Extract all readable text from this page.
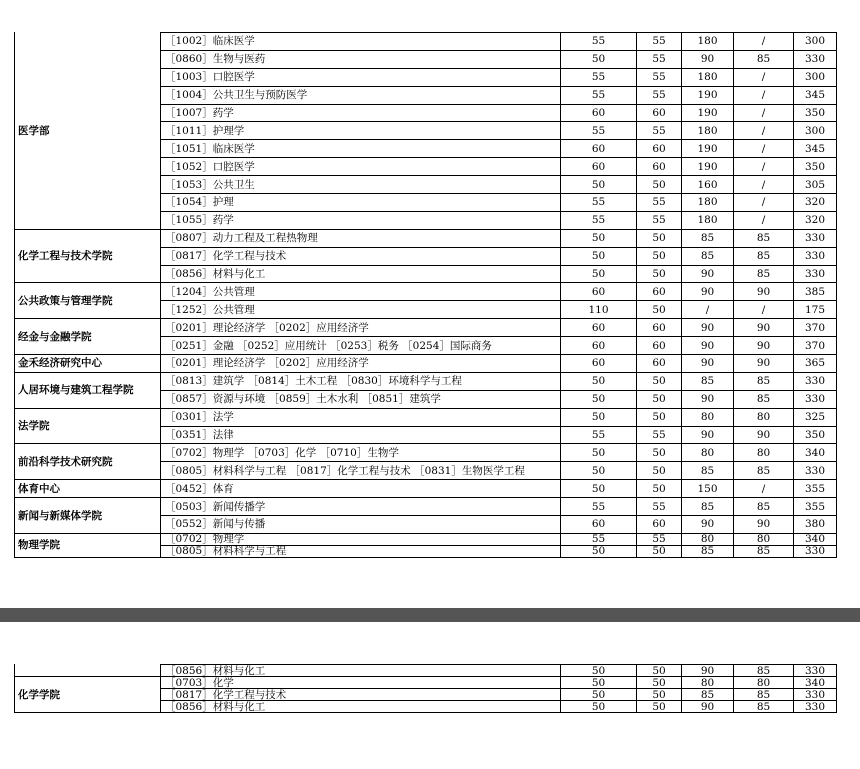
医学部	［1002］临床医学	55	55	180	/	300
	［0860］生物与医药	50	55	90	85	330
	［1003］口腔医学	55	55	180	/	300
	［1004］公共卫生与预防医学	55	55	190	/	345
	［1007］药学	60	60	190	/	350
	［1011］护理学	55	55	180	/	300
	［1051］临床医学	60	60	190	/	345
	［1052］口腔医学	60	60	190	/	350
	［1053］公共卫生	50	50	160	/	305
	［1054］护理	55	55	180	/	320
	［1055］药学	55	55	180	/	320
化学工程与技术学院	［0807］动力工程及工程热物理	50	50	85	85	330
	［0817］化学工程与技术	50	50	85	85	330
	［0856］材料与化工	50	50	90	85	330
公共政策与管理学院	［1204］公共管理	60	60	90	90	385
	［1252］公共管理	110	50	/	/	175
经金与金融学院	［0201］理论经济学 ［0202］应用经济学	60	60	90	90	370
	［0251］金融 ［0252］应用统计 ［0253］税务 ［0254］国际商务	60	60	90	90	370
金禾经济研究中心	［0201］理论经济学 ［0202］应用经济学	60	60	90	90	365
人居环境与建筑工程学院	［0813］建筑学 ［0814］土木工程 ［0830］环境科学与工程	50	50	85	85	330
	［0857］资源与环境 ［0859］土木水利 ［0851］建筑学	50	50	90	85	330
法学院	［0301］法学	50	50	80	80	325
	［0351］法律	55	55	90	90	350
前沿科学技术研究院	［0702］物理学 ［0703］化学 ［0710］生物学	50	50	80	80	340
	［0805］材料科学与工程 ［0817］化学工程与技术 ［0831］生物医学工程	50	50	85	85	330
体育中心	［0452］体育	50	50	150	/	355
新闻与新媒体学院	［0503］新闻传播学	55	55	85	85	355
	［0552］新闻与传播	60	60	90	90	380
物理学院	［0702］物理学	55	55	80	80	340
	［0805］材料科学与工程	50	50	85	85	330
	［0856］材料与化工	50	50	90	85	330
化学学院	［0703］化学	50	50	80	80	340
	［0817］化学工程与技术	50	50	85	85	330
	［0856］材料与化工	50	50	90	85	330
